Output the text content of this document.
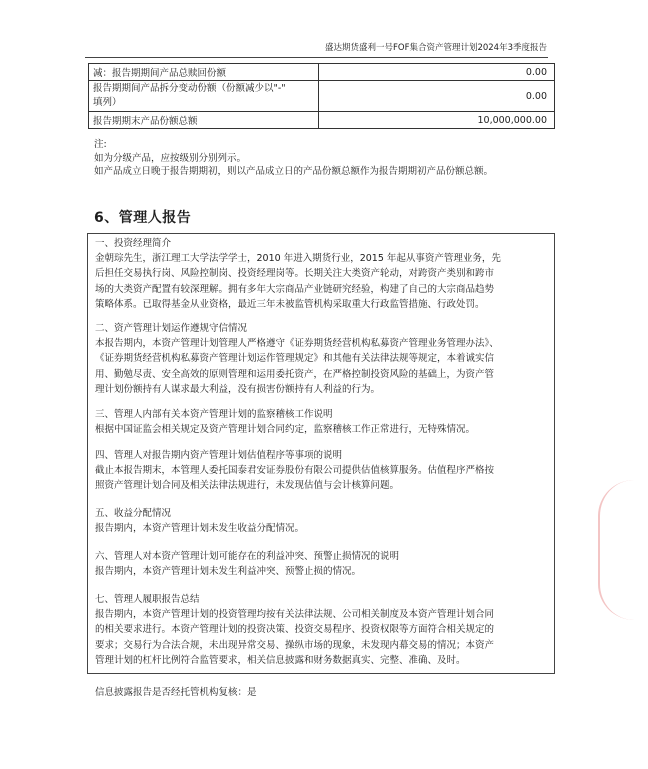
盛达期货盛利一号FOF集合资产管理计划2024年3季度报告
减：报告期期间产品总赎回份额	0.00

报告期期间产品拆分变动份额（份额减少以"-"
填列）	0.00
报告期期末产品份额总额	10,000,000.00
注:
如为分级产品，应按级别分别列示。
如产品成立日晚于报告期期初，则以产品成立日的产品份额总额作为报告期期初产品份额总额。
6、管理人报告
一、投资经理简介
金朝琮先生，浙江理工大学法学学士，2010 年进入期货行业，2015 年起从事资产管理业务，先
后担任交易执行岗、风险控制岗、投资经理岗等。长期关注大类资产轮动，对跨资产类别和跨市
场的大类资产配置有较深理解。拥有多年大宗商品产业链研究经验，构建了自己的大宗商品趋势
策略体系。已取得基金从业资格，最近三年未被监管机构采取重大行政监管措施、行政处罚。
二、资产管理计划运作遵规守信情况
本报告期内，本资产管理计划管理人严格遵守《证券期货经营机构私募资产管理业务管理办法》、
《证券期货经营机构私募资产管理计划运作管理规定》和其他有关法律法规等规定，本着诚实信
用、勤勉尽责、安全高效的原则管理和运用委托资产，在严格控制投资风险的基础上，为资产管
理计划份额持有人谋求最大利益，没有损害份额持有人利益的行为。
三、管理人内部有关本资产管理计划的监察稽核工作说明
根据中国证监会相关规定及资产管理计划合同约定，监察稽核工作正常进行，无特殊情况。
四、管理人对报告期内资产管理计划估值程序等事项的说明
截止本报告期末，本管理人委托国泰君安证券股份有限公司提供估值核算服务。估值程序严格按
照资产管理计划合同及相关法律法规进行，未发现估值与会计核算问题。
五、收益分配情况
报告期内，本资产管理计划未发生收益分配情况。
六、管理人对本资产管理计划可能存在的利益冲突、预警止损情况的说明
报告期内，本资产管理计划未发生利益冲突、预警止损的情况。
七、管理人履职报告总结
报告期内，本资产管理计划的投资管理均按有关法律法规、公司相关制度及本资产管理计划合同
的相关要求进行。本资产管理计划的投资决策、投资交易程序、投资权限等方面符合相关规定的
要求；交易行为合法合规，未出现异常交易、操纵市场的现象，未发现内幕交易的情况；本资产
管理计划的杠杆比例符合监管要求，相关信息披露和财务数据真实、完整、准确、及时。
信息披露报告是否经托管机构复核：是
